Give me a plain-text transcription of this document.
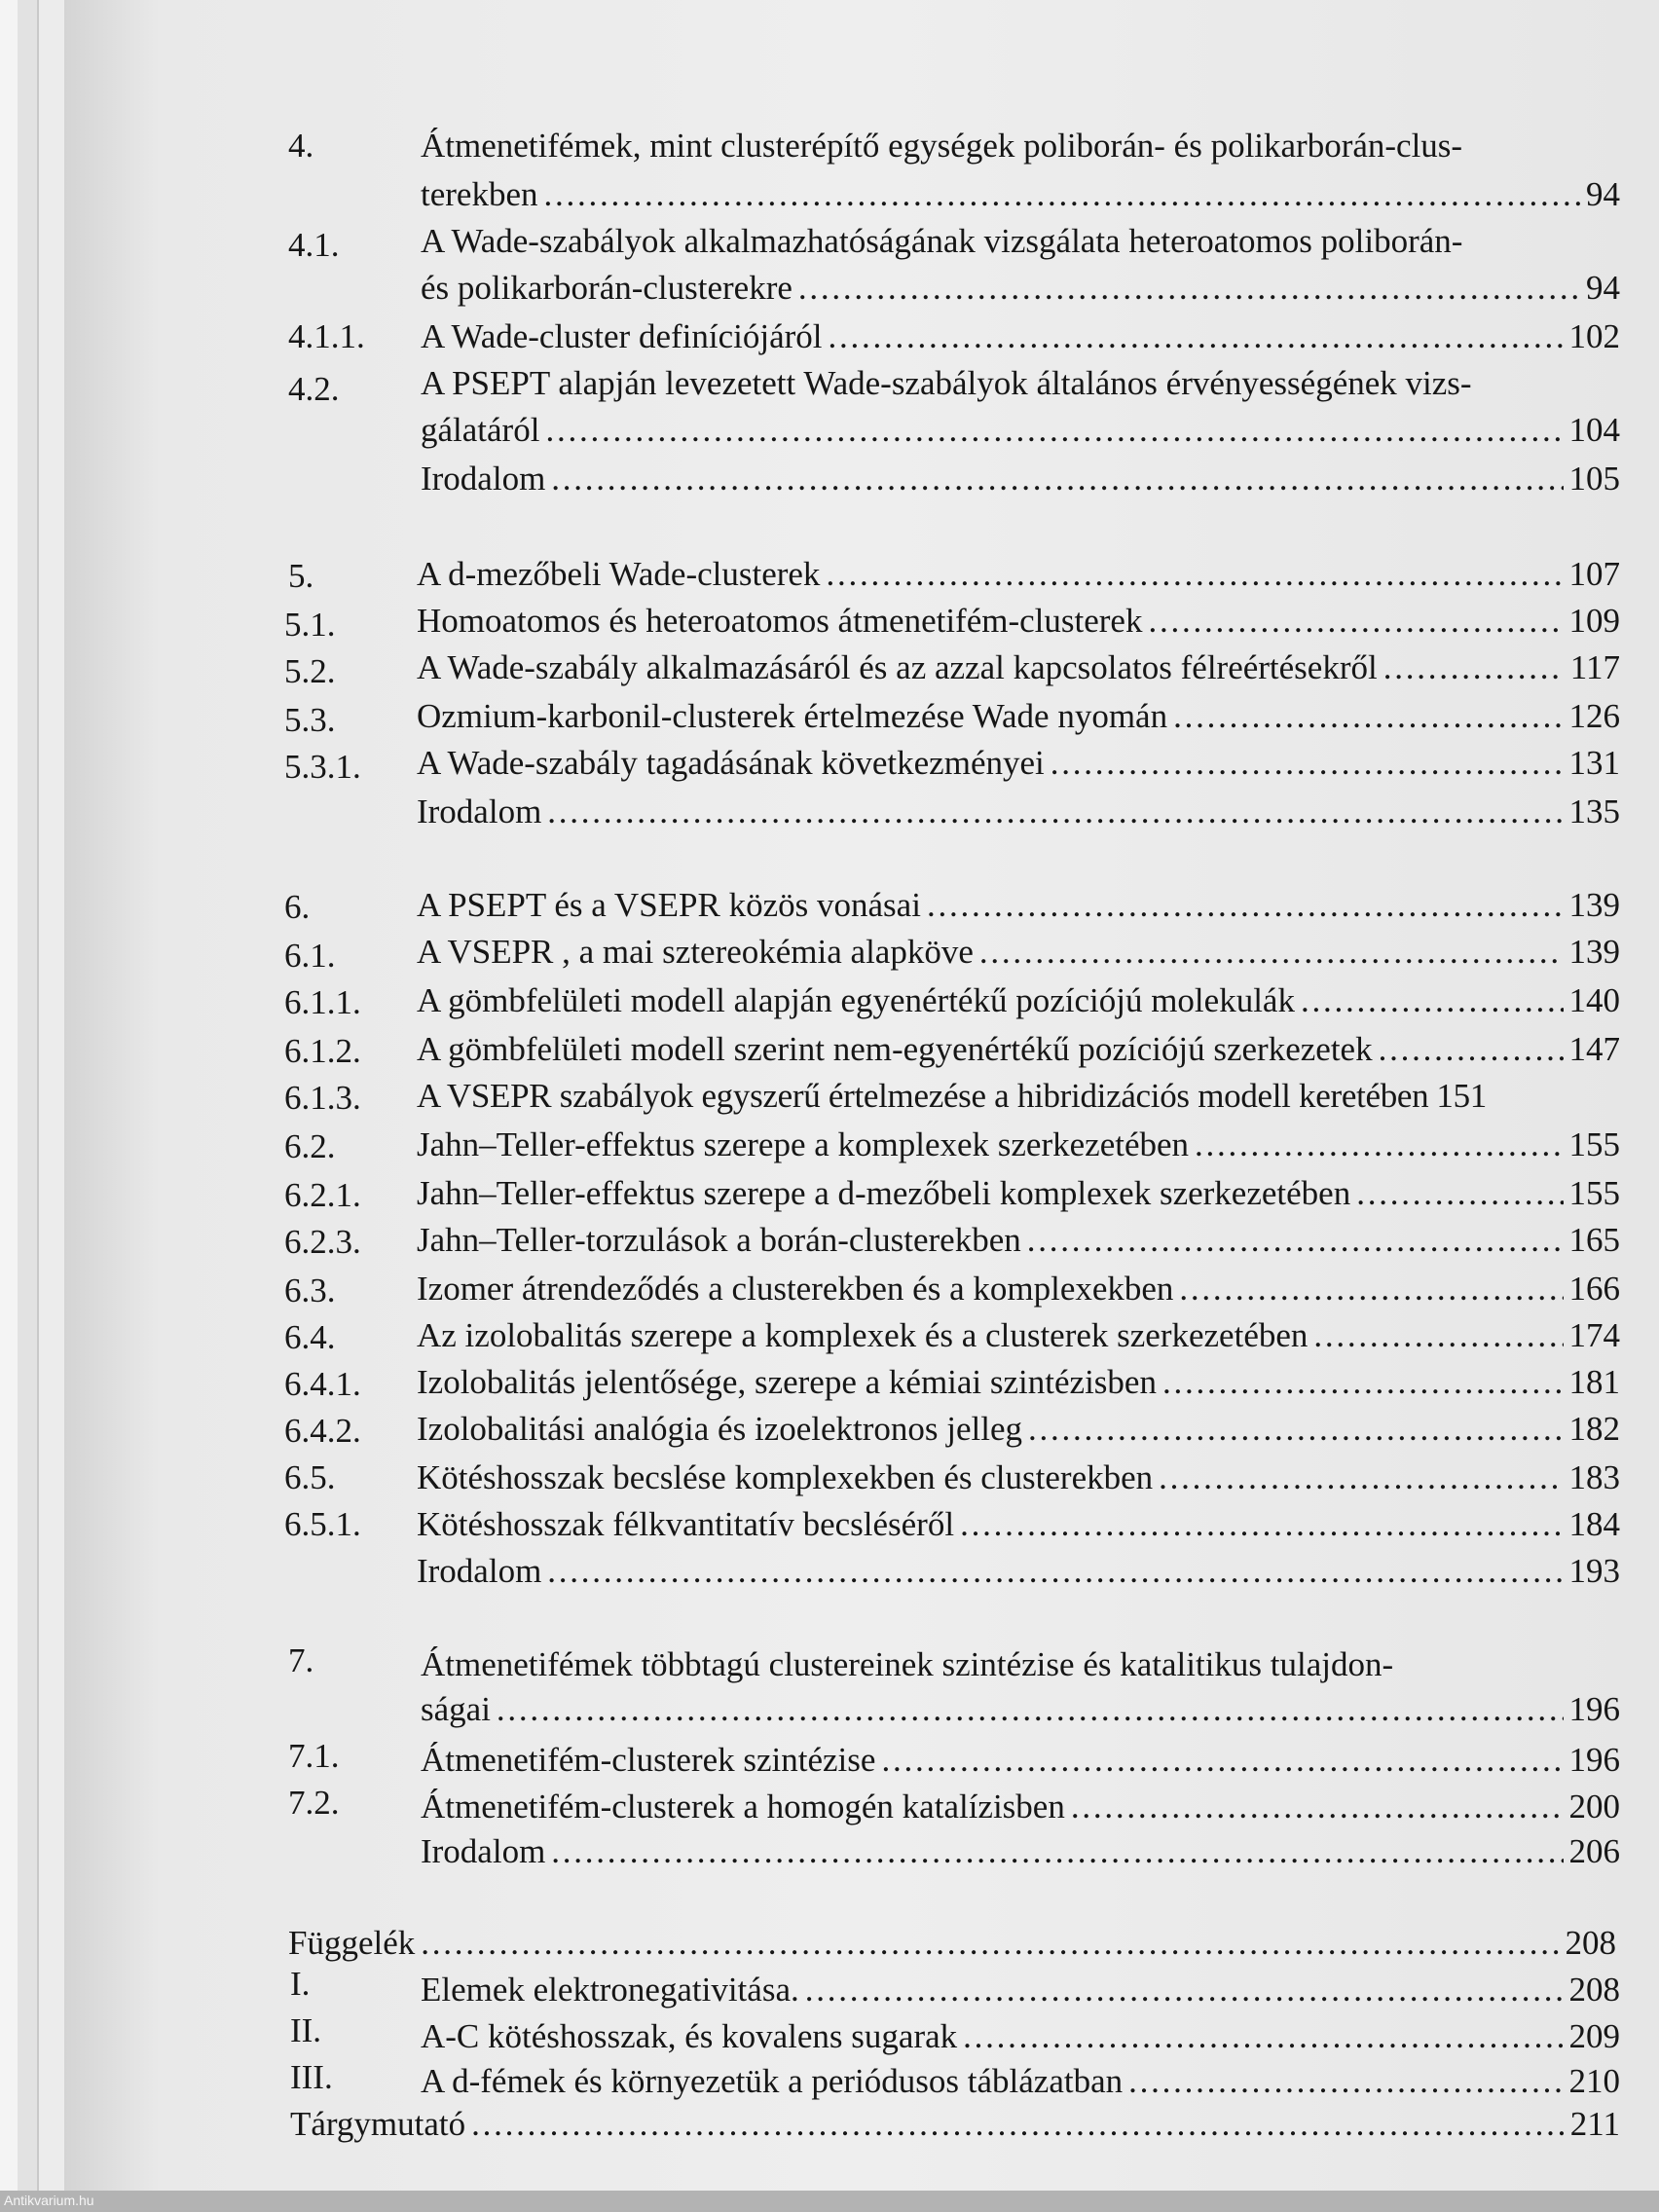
4.	Átmenetifémek, mint clusterépítő egységek poliborán- és polikarborán-clus-
terekben . . .	94
4.1. A Wade-szabályok alkalmazhatóságának vizsgálata heteroatomos poliborán-
és polikarborán-clusterekre . . .	94
4.1.1. A Wade-cluster definíciójáról . . .	102
4.2. A PSEPT alapján levezetett Wade-szabályok általános érvényességének vizs-
gálatáról . . .	104
Irodalom . . .	105
5.	A d-mezőbeli Wade-clusterek . . .	107
5.1. Homoatomos és heteroatomos átmenetifém-clusterek . . .	109
5.2. A Wade-szabály alkalmazásáról és az azzal kapcsolatos félreértésekről . . .	117
5.3. Ozmium-karbonil-clusterek értelmezése Wade nyomán . . .	126
5.3.1. A Wade-szabály tagadásának következményei . . .	131
Irodalom . . .	135
6.	A PSEPT és a VSEPR közös vonásai . . .	139
6.1. A VSEPR , a mai sztereokémia alapköve . . .	139
6.1.1. A gömbfelületi modell alapján egyenértékű pozíciójú molekulák . . .	140
6.1.2. A gömbfelületi modell szerint nem-egyenértékű pozíciójú szerkezetek . . .	147
6.1.3. A VSEPR szabályok egyszerű értelmezése a hibridizációs modell keretében 151
6.2. Jahn–Teller-effektus szerepe a komplexek szerkezetében . . .	155
6.2.1. Jahn–Teller-effektus szerepe a d-mezőbeli komplexek szerkezetében . . .	155
6.2.3. Jahn–Teller-torzulások a borán-clusterekben . . .	165
6.3. Izomer átrendeződés a clusterekben és a komplexekben . . .	166
6.4. Az izolobalitás szerepe a komplexek és a clusterek szerkezetében . . .	174
6.4.1. Izolobalitás jelentősége, szerepe a kémiai szintézisben . . .	181
6.4.2. Izolobalitási analógia és izoelektronos jelleg . . .	182
6.5. Kötéshosszak becslése komplexekben és clusterekben . . .	183
6.5.1. Kötéshosszak félkvantitatív becsléséről . . .	184
Irodalom . . .	193
7.	Átmenetifémek többtagú clustereinek szintézise és katalitikus tulajdon-
ságai . . .	196
7.1. Átmenetifém-clusterek szintézise . . .	196
7.2. Átmenetifém-clusterek a homogén katalízisben . . .	200
Irodalom . . .	206
Függelék . . .	208
I.	Elemek elektronegativitása. . . .	208
II.	A-C kötéshosszak, és kovalens sugarak . . .	209
III.	A d-fémek és környezetük a periódusos táblázatban . . .	210
Tárgymutató . . .	211
Antikvarium.hu
